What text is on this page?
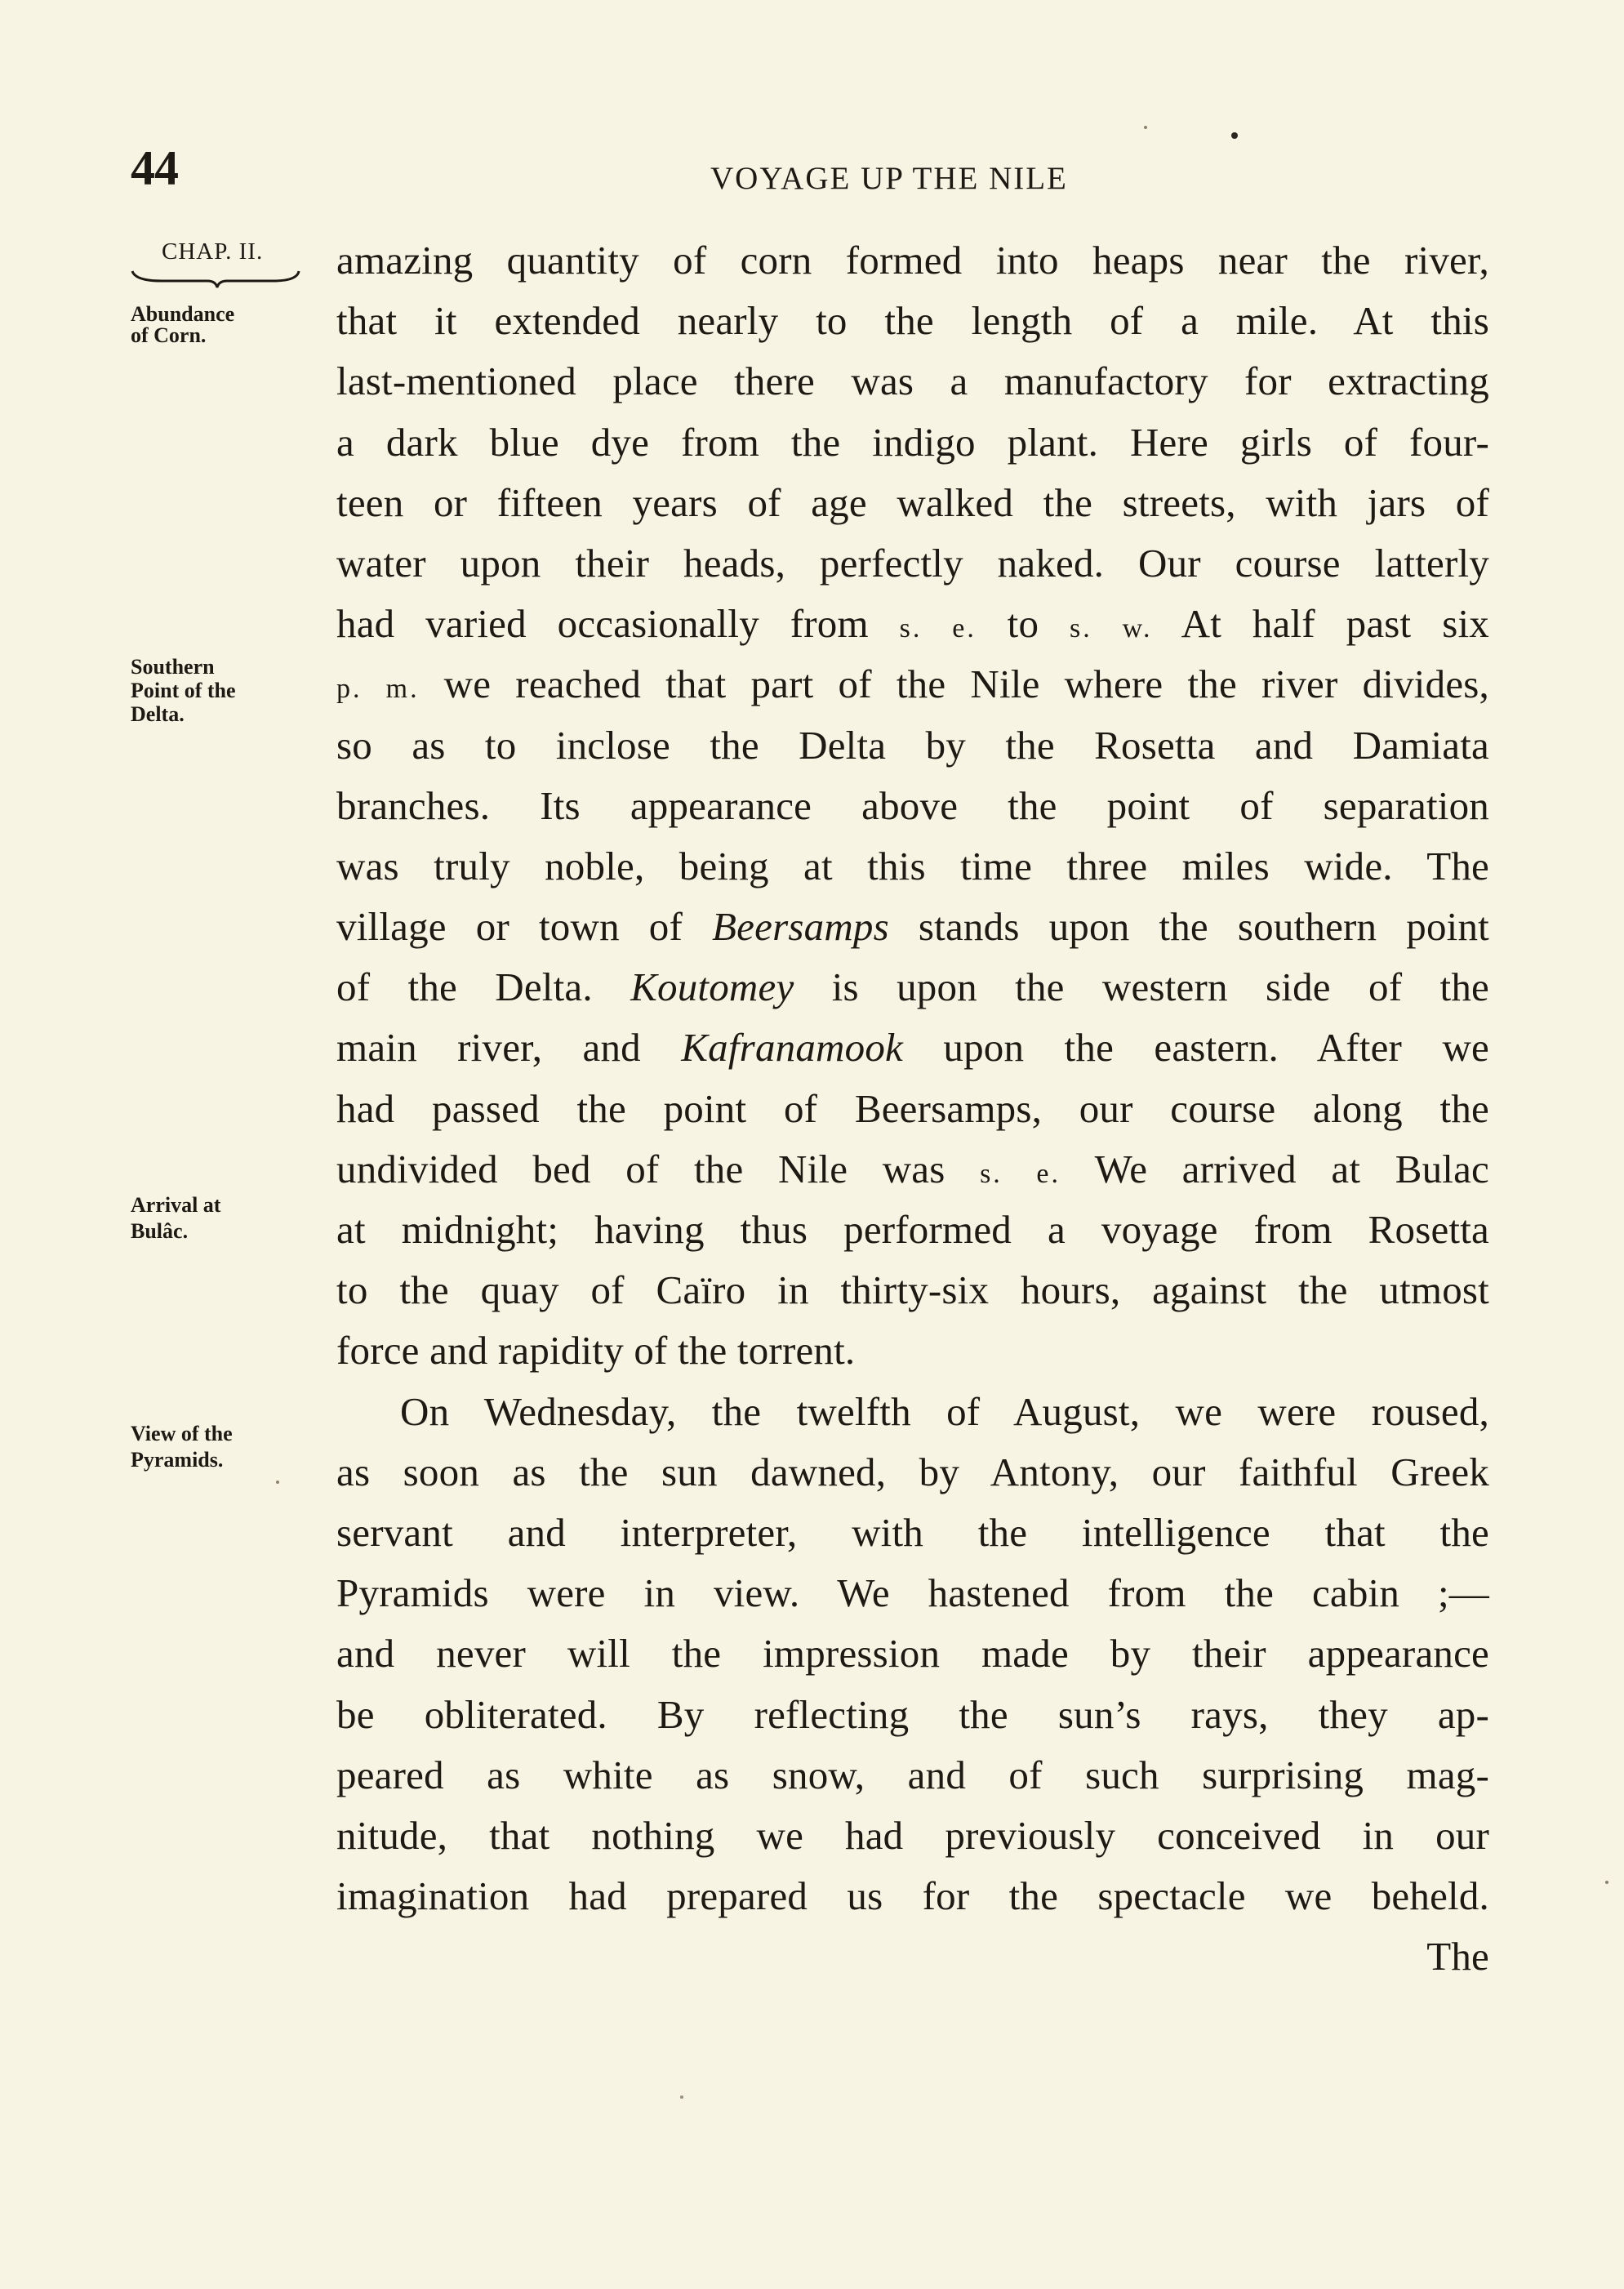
44	VOYAGE UP THE NILE
CHAP. II.
Abundance
of Corn.
Southern
Point of the
Delta.
Arrival at
Bulâc.
View of the
Pyramids.
amazing quantity of corn formed into heaps near the river,
that it extended nearly to the length of a mile. At this
last-mentioned place there was a manufactory for extracting
a dark blue dye from the indigo plant. Here girls of four-
teen or fifteen years of age walked the streets, with jars of
water upon their heads, perfectly naked. Our course latterly
had varied occasionally from s. e. to s. w. At half past six
p. m. we reached that part of the Nile where the river divides,
so as to inclose the Delta by the Rosetta and Damiata
branches. Its appearance above the point of separation
was truly noble, being at this time three miles wide. The
village or town of Beersamps stands upon the southern point
of the Delta. Koutomey is upon the western side of the
main river, and Kafranamook upon the eastern. After we
had passed the point of Beersamps, our course along the
undivided bed of the Nile was s. e. We arrived at Bulac
at midnight; having thus performed a voyage from Rosetta
to the quay of Caïro in thirty-six hours, against the utmost
force and rapidity of the torrent.
On Wednesday, the twelfth of August, we were roused,
as soon as the sun dawned, by Antony, our faithful Greek
servant and interpreter, with the intelligence that the
Pyramids were in view. We hastened from the cabin ;—
and never will the impression made by their appearance
be obliterated. By reflecting the sun’s rays, they ap-
peared as white as snow, and of such surprising mag-
nitude, that nothing we had previously conceived in our
imagination had prepared us for the spectacle we beheld.
The
